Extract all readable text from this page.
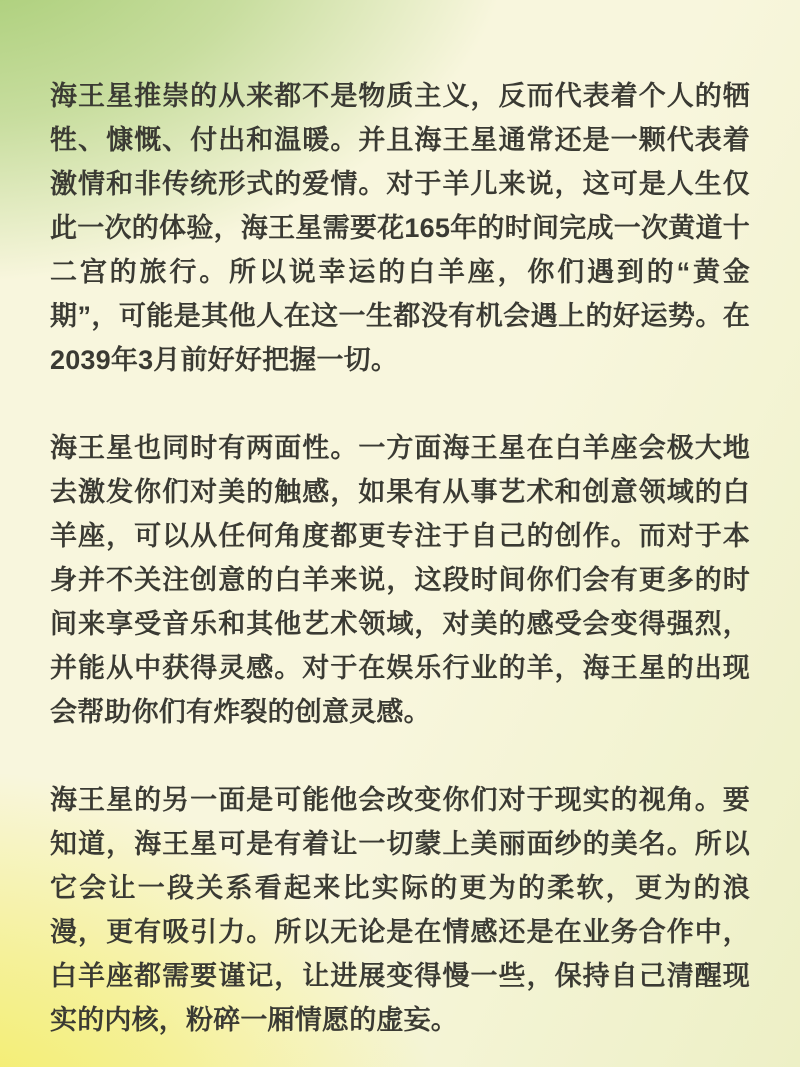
海王星推崇的从来都不是物质主义，反而代表着个人的牺牲、慷慨、付出和温暖。并且海王星通常还是一颗代表着激情和非传统形式的爱情。对于羊儿来说，这可是人生仅此一次的体验，海王星需要花165年的时间完成一次黄道十二宫的旅行。所以说幸运的白羊座，你们遇到的“黄金期”，可能是其他人在这一生都没有机会遇上的好运势。在2039年3月前好好把握一切。

海王星也同时有两面性。一方面海王星在白羊座会极大地去激发你们对美的触感，如果有从事艺术和创意领域的白羊座，可以从任何角度都更专注于自己的创作。而对于本身并不关注创意的白羊来说，这段时间你们会有更多的时间来享受音乐和其他艺术领域，对美的感受会变得强烈，并能从中获得灵感。对于在娱乐行业的羊，海王星的出现会帮助你们有炸裂的创意灵感。

海王星的另一面是可能他会改变你们对于现实的视角。要知道，海王星可是有着让一切蒙上美丽面纱的美名。所以它会让一段关系看起来比实际的更为的柔软，更为的浪漫，更有吸引力。所以无论是在情感还是在业务合作中，白羊座都需要谨记，让进展变得慢一些，保持自己清醒现实的内核，粉碎一厢情愿的虚妄。
